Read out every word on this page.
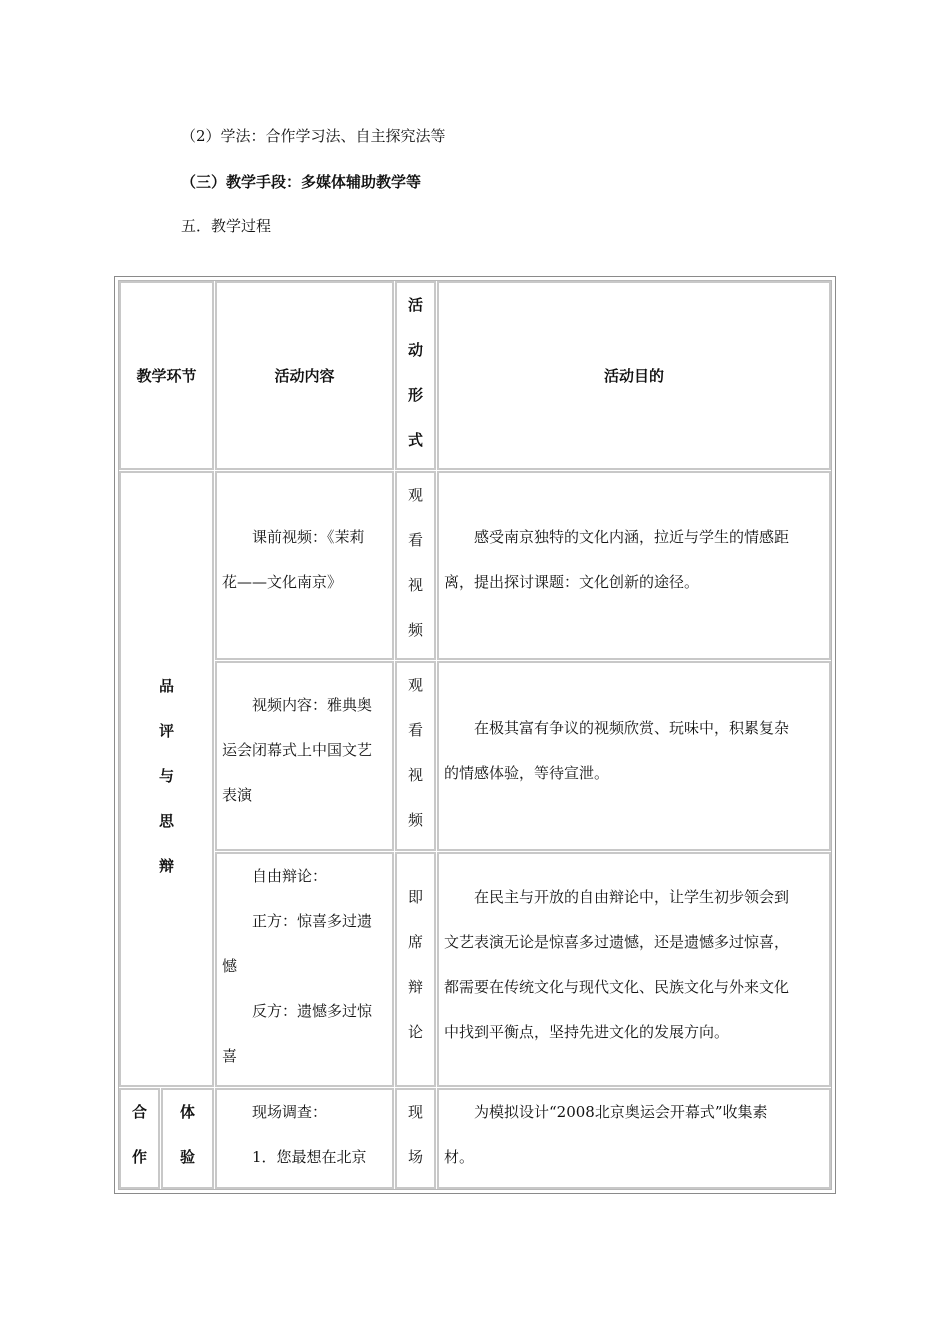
（2）学法：合作学习法、自主探究法等
（三）教学手段：多媒体辅助教学等
五．教学过程
教学环节	活动内容
活
动
形
式
活动目的
品
评
与
思
辩

课前视频：《茉莉

花——文化南京》

观
看
视
频

感受南京独特的文化内涵，拉近与学生的情感距

离，提出探讨课题：文化创新的途径。

视频内容：雅典奥

运会闭幕式上中国文艺

表演

观
看
视
频

在极其富有争议的视频欣赏、玩味中，积累复杂

的情感体验，等待宣泄。

自由辩论：

正方：惊喜多过遗

憾

反方：遗憾多过惊

喜

即
席
辩
论

在民主与开放的自由辩论中，让学生初步领会到

文艺表演无论是惊喜多过遗憾，还是遗憾多过惊喜，

都需要在传统文化与现代文化、民族文化与外来文化

中找到平衡点，坚持先进文化的发展方向。

合
作
体
验

现场调查：

1．您最想在北京

现
场

为模拟设计“2008北京奥运会开幕式”收集素

材。
